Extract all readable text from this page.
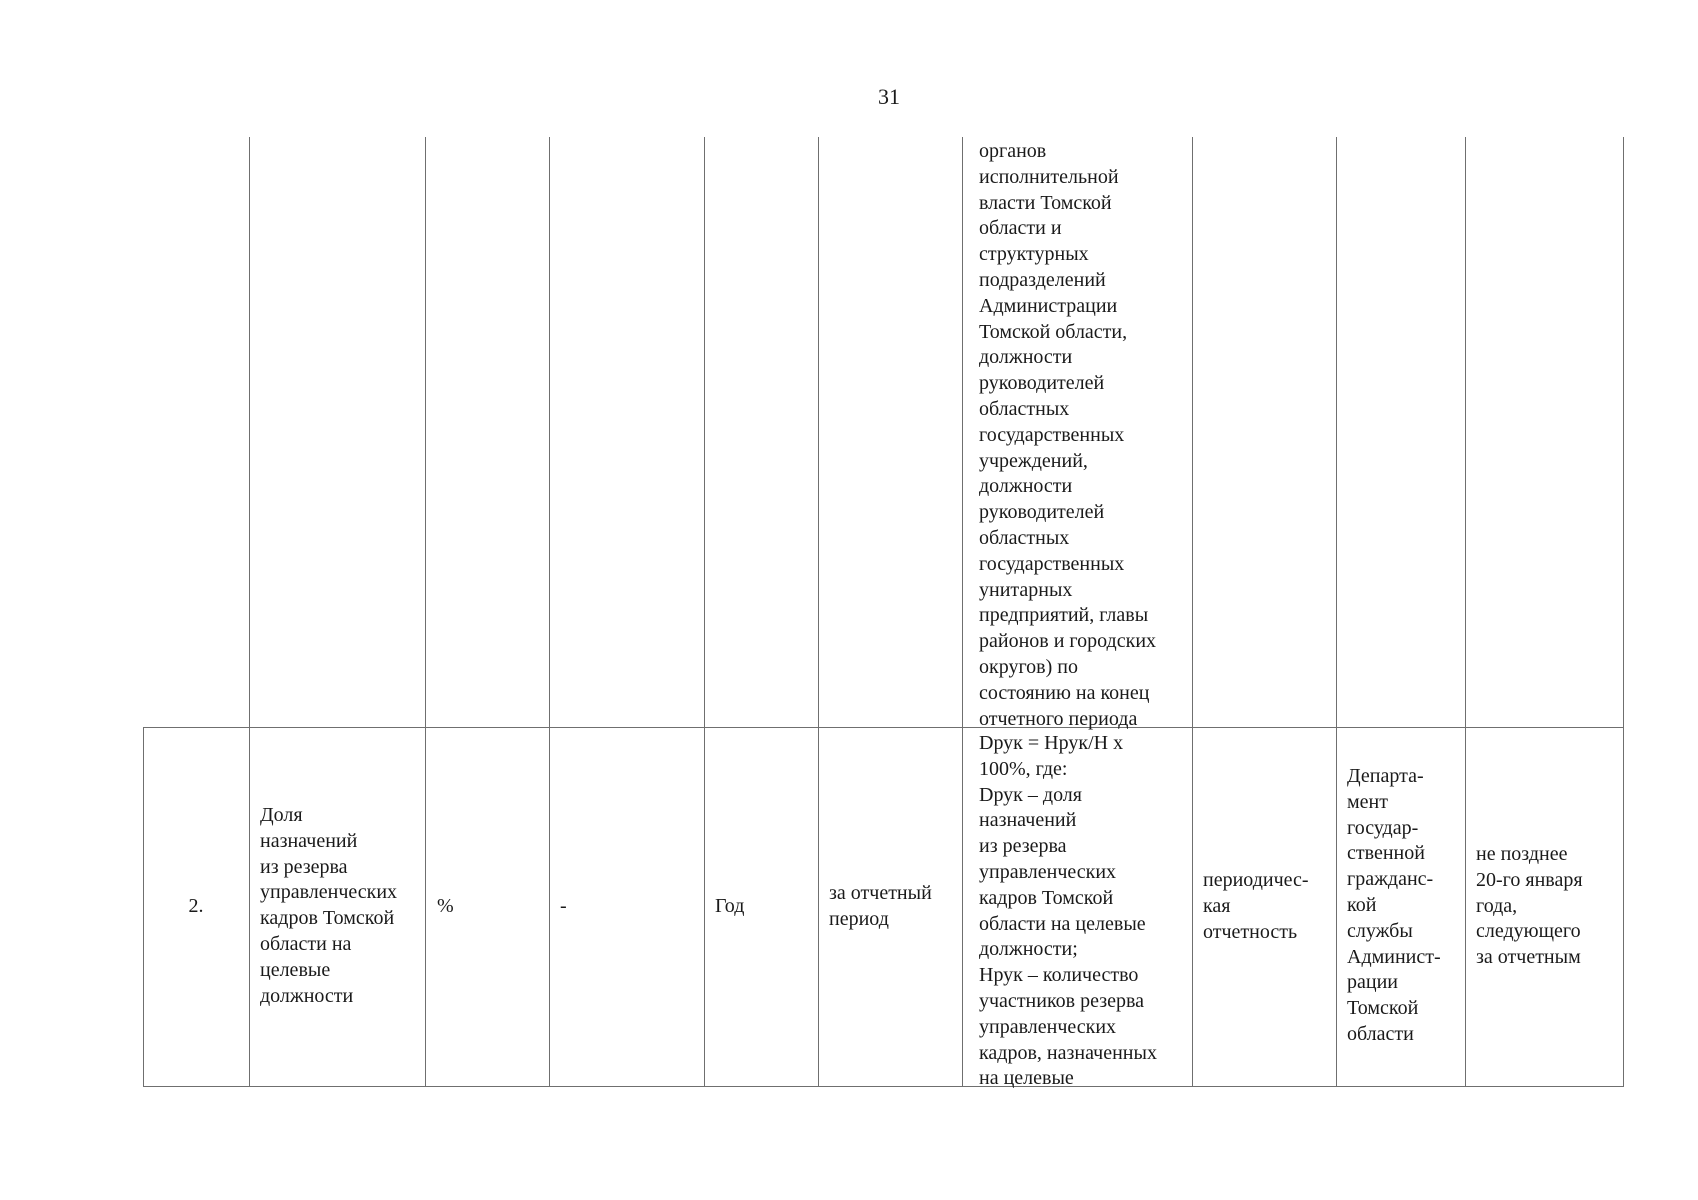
31
органов
исполнительной
власти Томской
области и
структурных
подразделений
Администрации
Томской области,
должности
руководителей
областных
государственных
учреждений,
должности
руководителей
областных
государственных
унитарных
предприятий, главы
районов и городских
округов) по
состоянию на конец
отчетного периода
2.
Доля
назначений
из резерва
управленческих
кадров Томской
области на
целевые
должности
%	-	Год
за отчетный
период
Dрук = Нрук/Н х
100%, где:
Dрук – доля
назначений
из резерва
управленческих
кадров Томской
области на целевые
должности;
Нрук – количество
участников резерва
управленческих
кадров, назначенных
на целевые
периодичес-
кая
отчетность
Департа-
мент
государ-
ственной
гражданс-
кой
службы
Админист-
рации
Томской
области
не позднее
20-го января
года,
следующего
за отчетным
